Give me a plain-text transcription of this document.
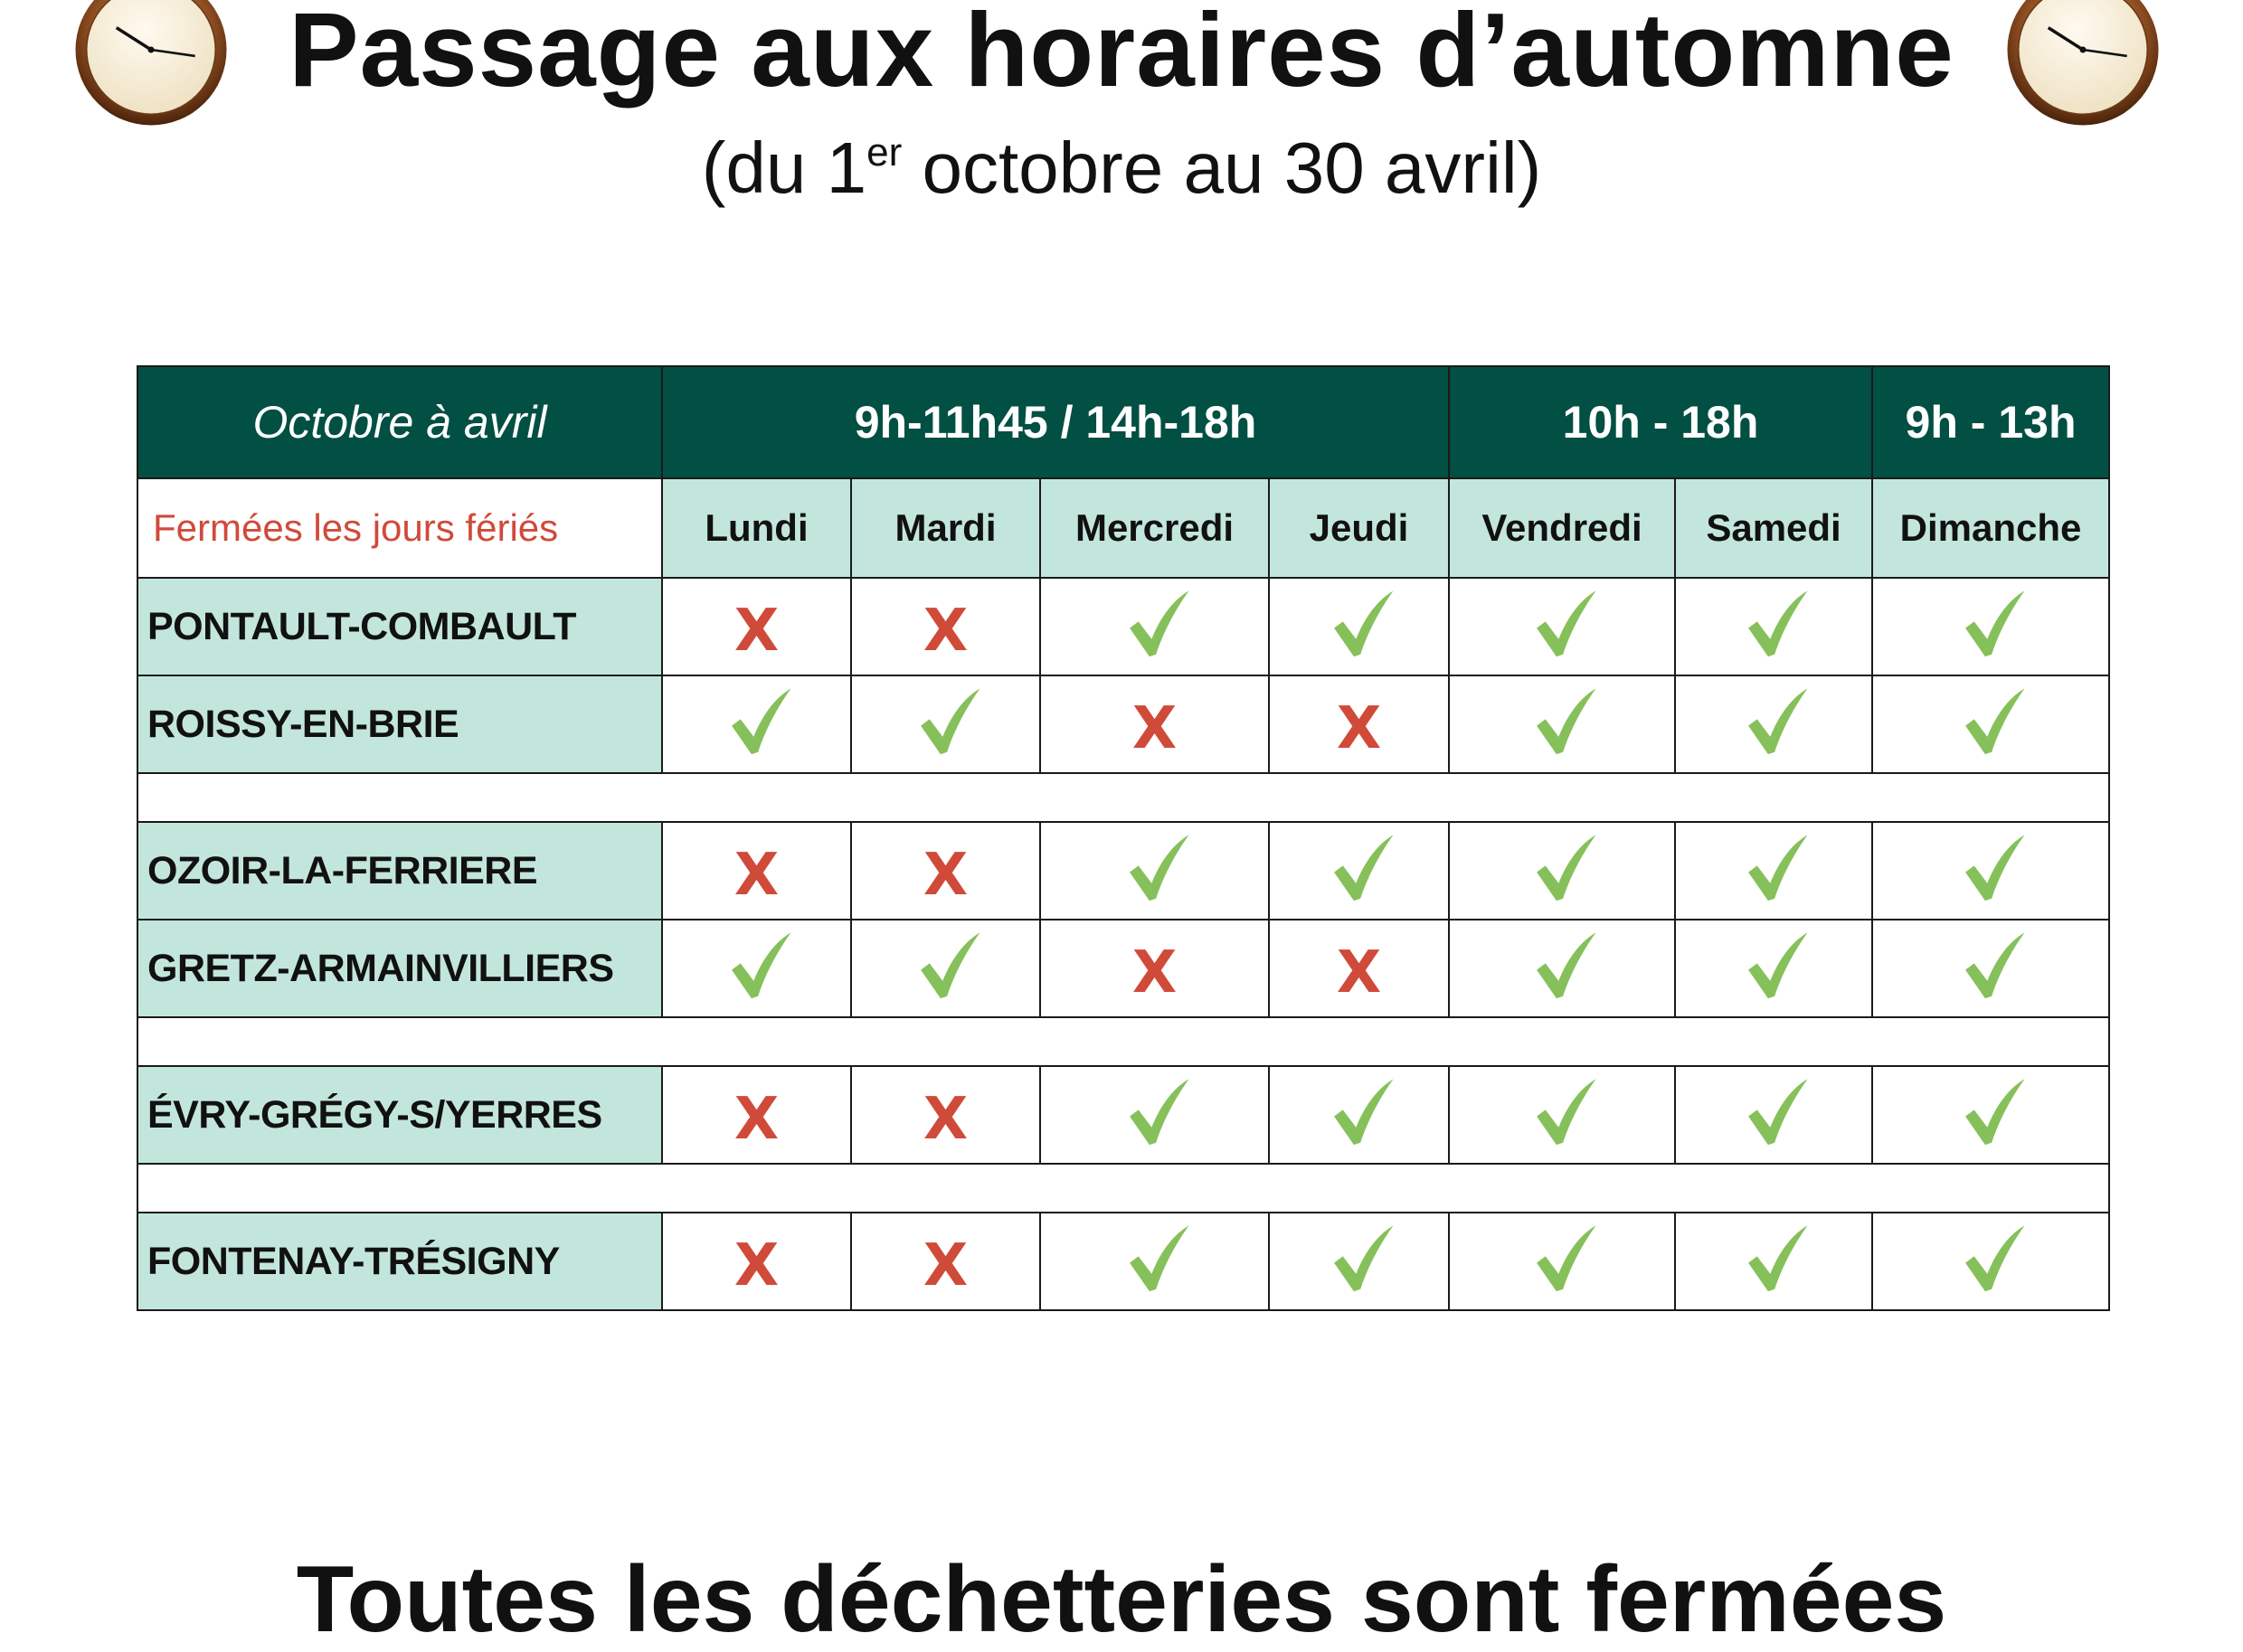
Passage aux horaires d’automne

(du 1er octobre au 30 avril)

Octobre à avril	9h-11h45 / 14h-18h				10h - 18h		9h - 13h
Fermées les jours fériés	Lundi	Mardi	Mercredi	Jeudi	Vendredi	Samedi	Dimanche
PONTAULT-COMBAULT	X	X					
ROISSY-EN-BRIE			X	X			

OZOIR-LA-FERRIERE	X	X					
GRETZ-ARMAINVILLIERS			X	X			

ÉVRY-GRÉGY-S/YERRES	X	X					

FONTENAY-TRÉSIGNY	X	X					

Toutes les déchetteries sont fermées
